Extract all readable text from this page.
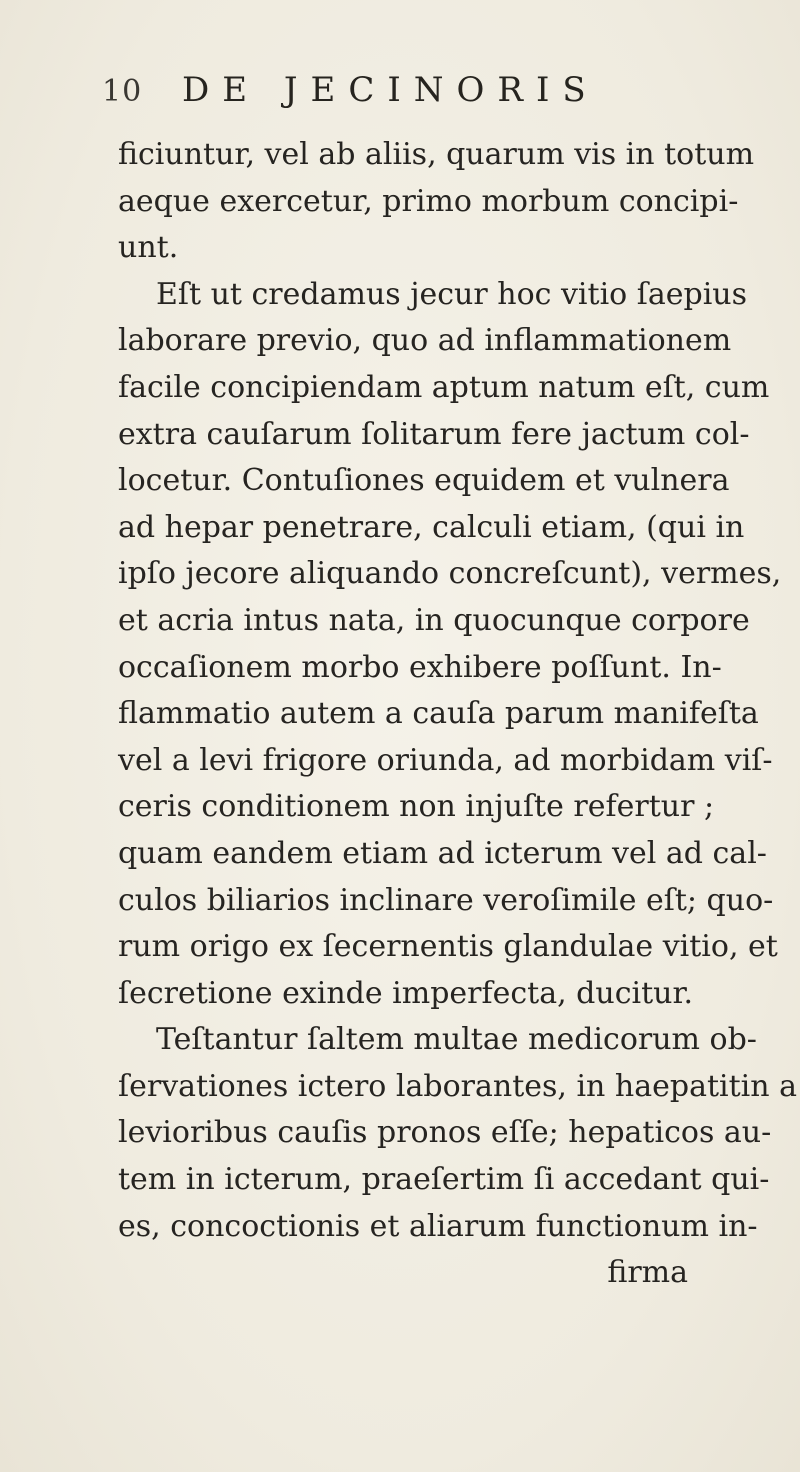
10	DE JECINORIS
ficiuntur, vel ab aliis, quarum vis in totum
aeque exercetur, primo morbum concipi-
unt.
Eſt ut credamus jecur hoc vitio ſaepius
laborare previo, quo ad inflammationem
facile concipiendam aptum natum eſt, cum
extra cauſarum ſolitarum fere jactum col-
locetur. Contuſiones equidem et vulnera
ad hepar penetrare, calculi etiam, (qui in
ipſo jecore aliquando concreſcunt), vermes,
et acria intus nata, in quocunque corpore
occaſionem morbo exhibere poſſunt. In-
flammatio autem a cauſa parum manifeſta
vel a levi frigore oriunda, ad morbidam viſ-
ceris conditionem non injuſte refertur ;
quam eandem etiam ad icterum vel ad cal-
culos biliarios inclinare veroſimile eſt; quo-
rum origo ex ſecernentis glandulae vitio, et
ſecretione exinde imperfecta, ducitur.
Teſtantur ſaltem multae medicorum ob-
ſervationes ictero laborantes, in haepatitin a
levioribus cauſis pronos eſſe; hepaticos au-
tem in icterum, praeſertim ſi accedant qui-
es, concoctionis et aliarum functionum in-
firma
